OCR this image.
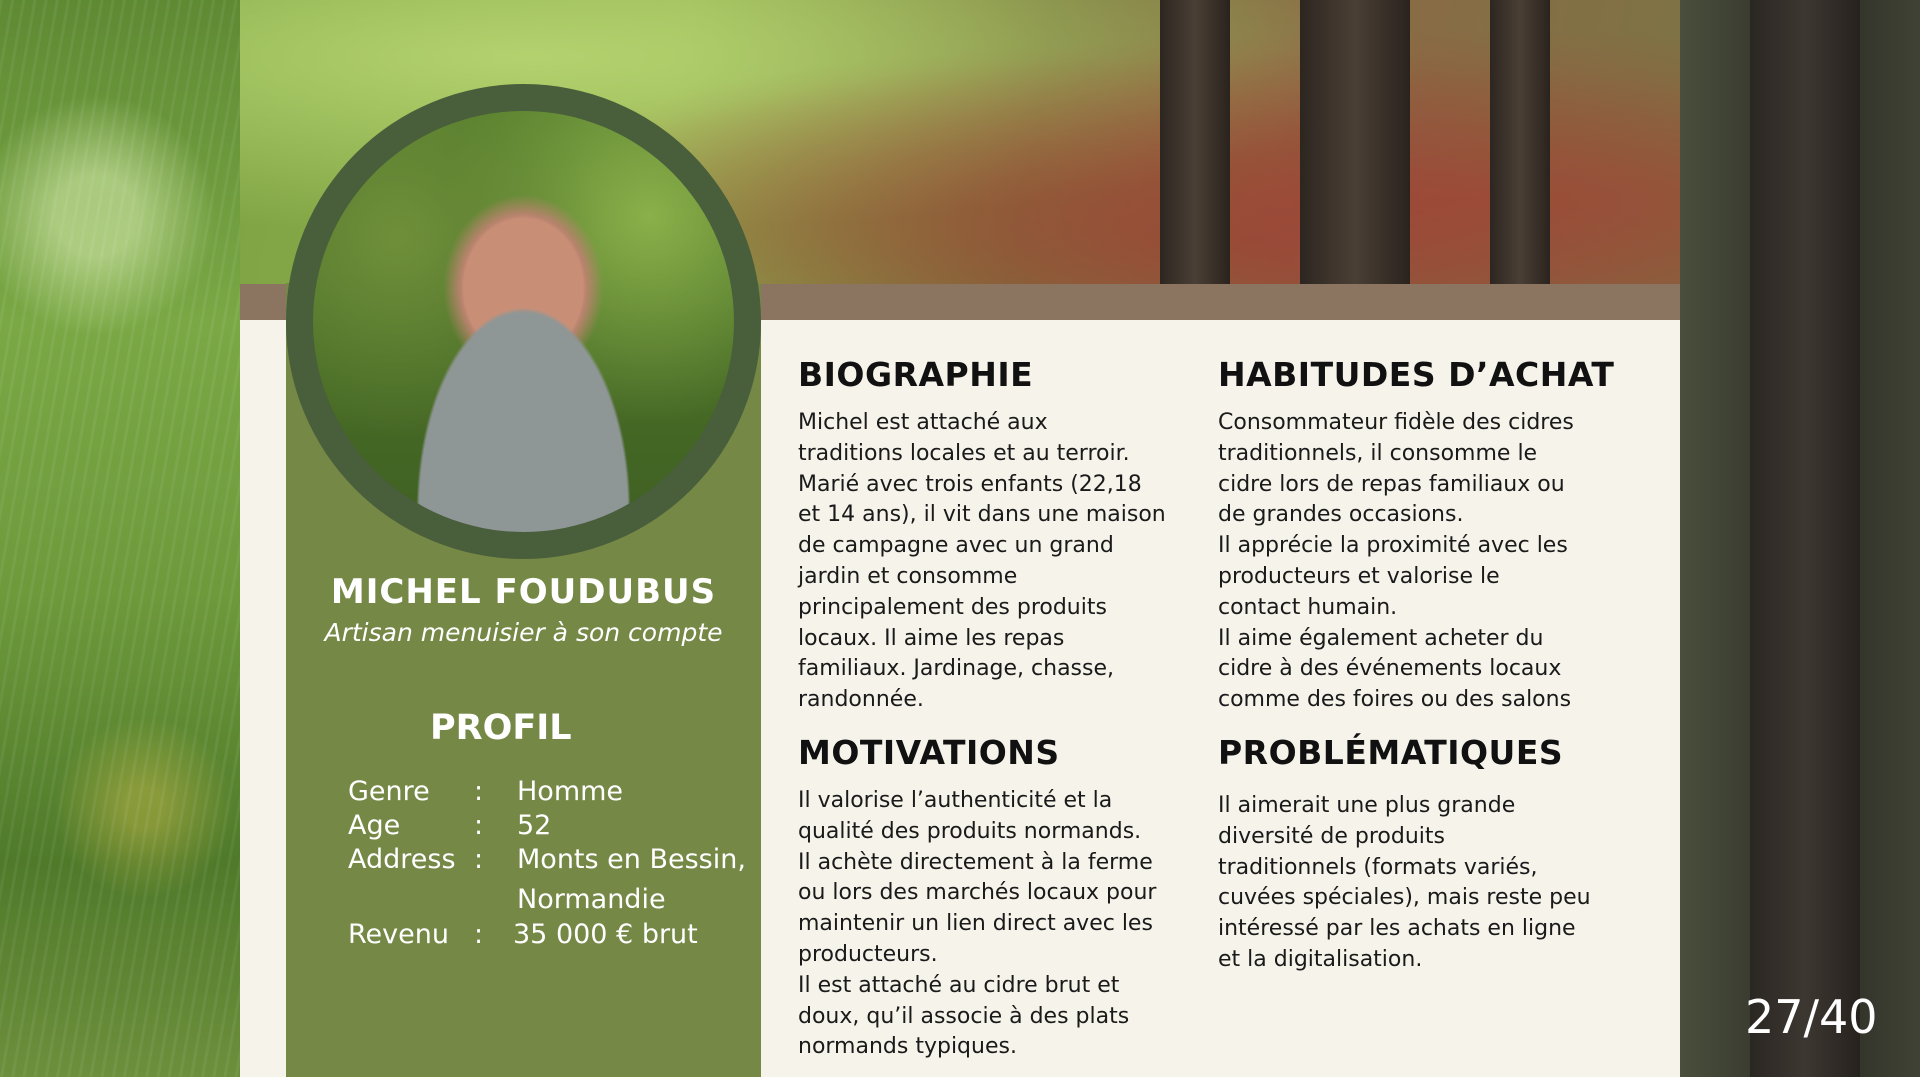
MICHEL FOUDUBUS
Artisan menuisier à son compte
PROFIL
Genre : Homme
Age	: 52
Address : Monts en Bessin,
Normandie
Revenu : 35 000 € brut
BIOGRAPHIE

Michel est attaché aux
traditions locales et au terroir.
Marié avec trois enfants (22,18
et 14 ans), il vit dans une maison
de campagne avec un grand
jardin et consomme
principalement des produits
locaux. Il aime les repas
familiaux. Jardinage, chasse,
randonnée.

HABITUDES D’ACHAT

Consommateur fidèle des cidres
traditionnels, il consomme le
cidre lors de repas familiaux ou
de grandes occasions.
Il apprécie la proximité avec les
producteurs et valorise le
contact humain.
Il aime également acheter du
cidre à des événements locaux
comme des foires ou des salons

MOTIVATIONS

Il valorise l’authenticité et la
qualité des produits normands.
Il achète directement à la ferme
ou lors des marchés locaux pour
maintenir un lien direct avec les
producteurs.
Il est attaché au cidre brut et
doux, qu’il associe à des plats
normands typiques.

PROBLÉMATIQUES

Il aimerait une plus grande
diversité de produits
traditionnels (formats variés,
cuvées spéciales), mais reste peu
intéressé par les achats en ligne
et la digitalisation.

27/40
